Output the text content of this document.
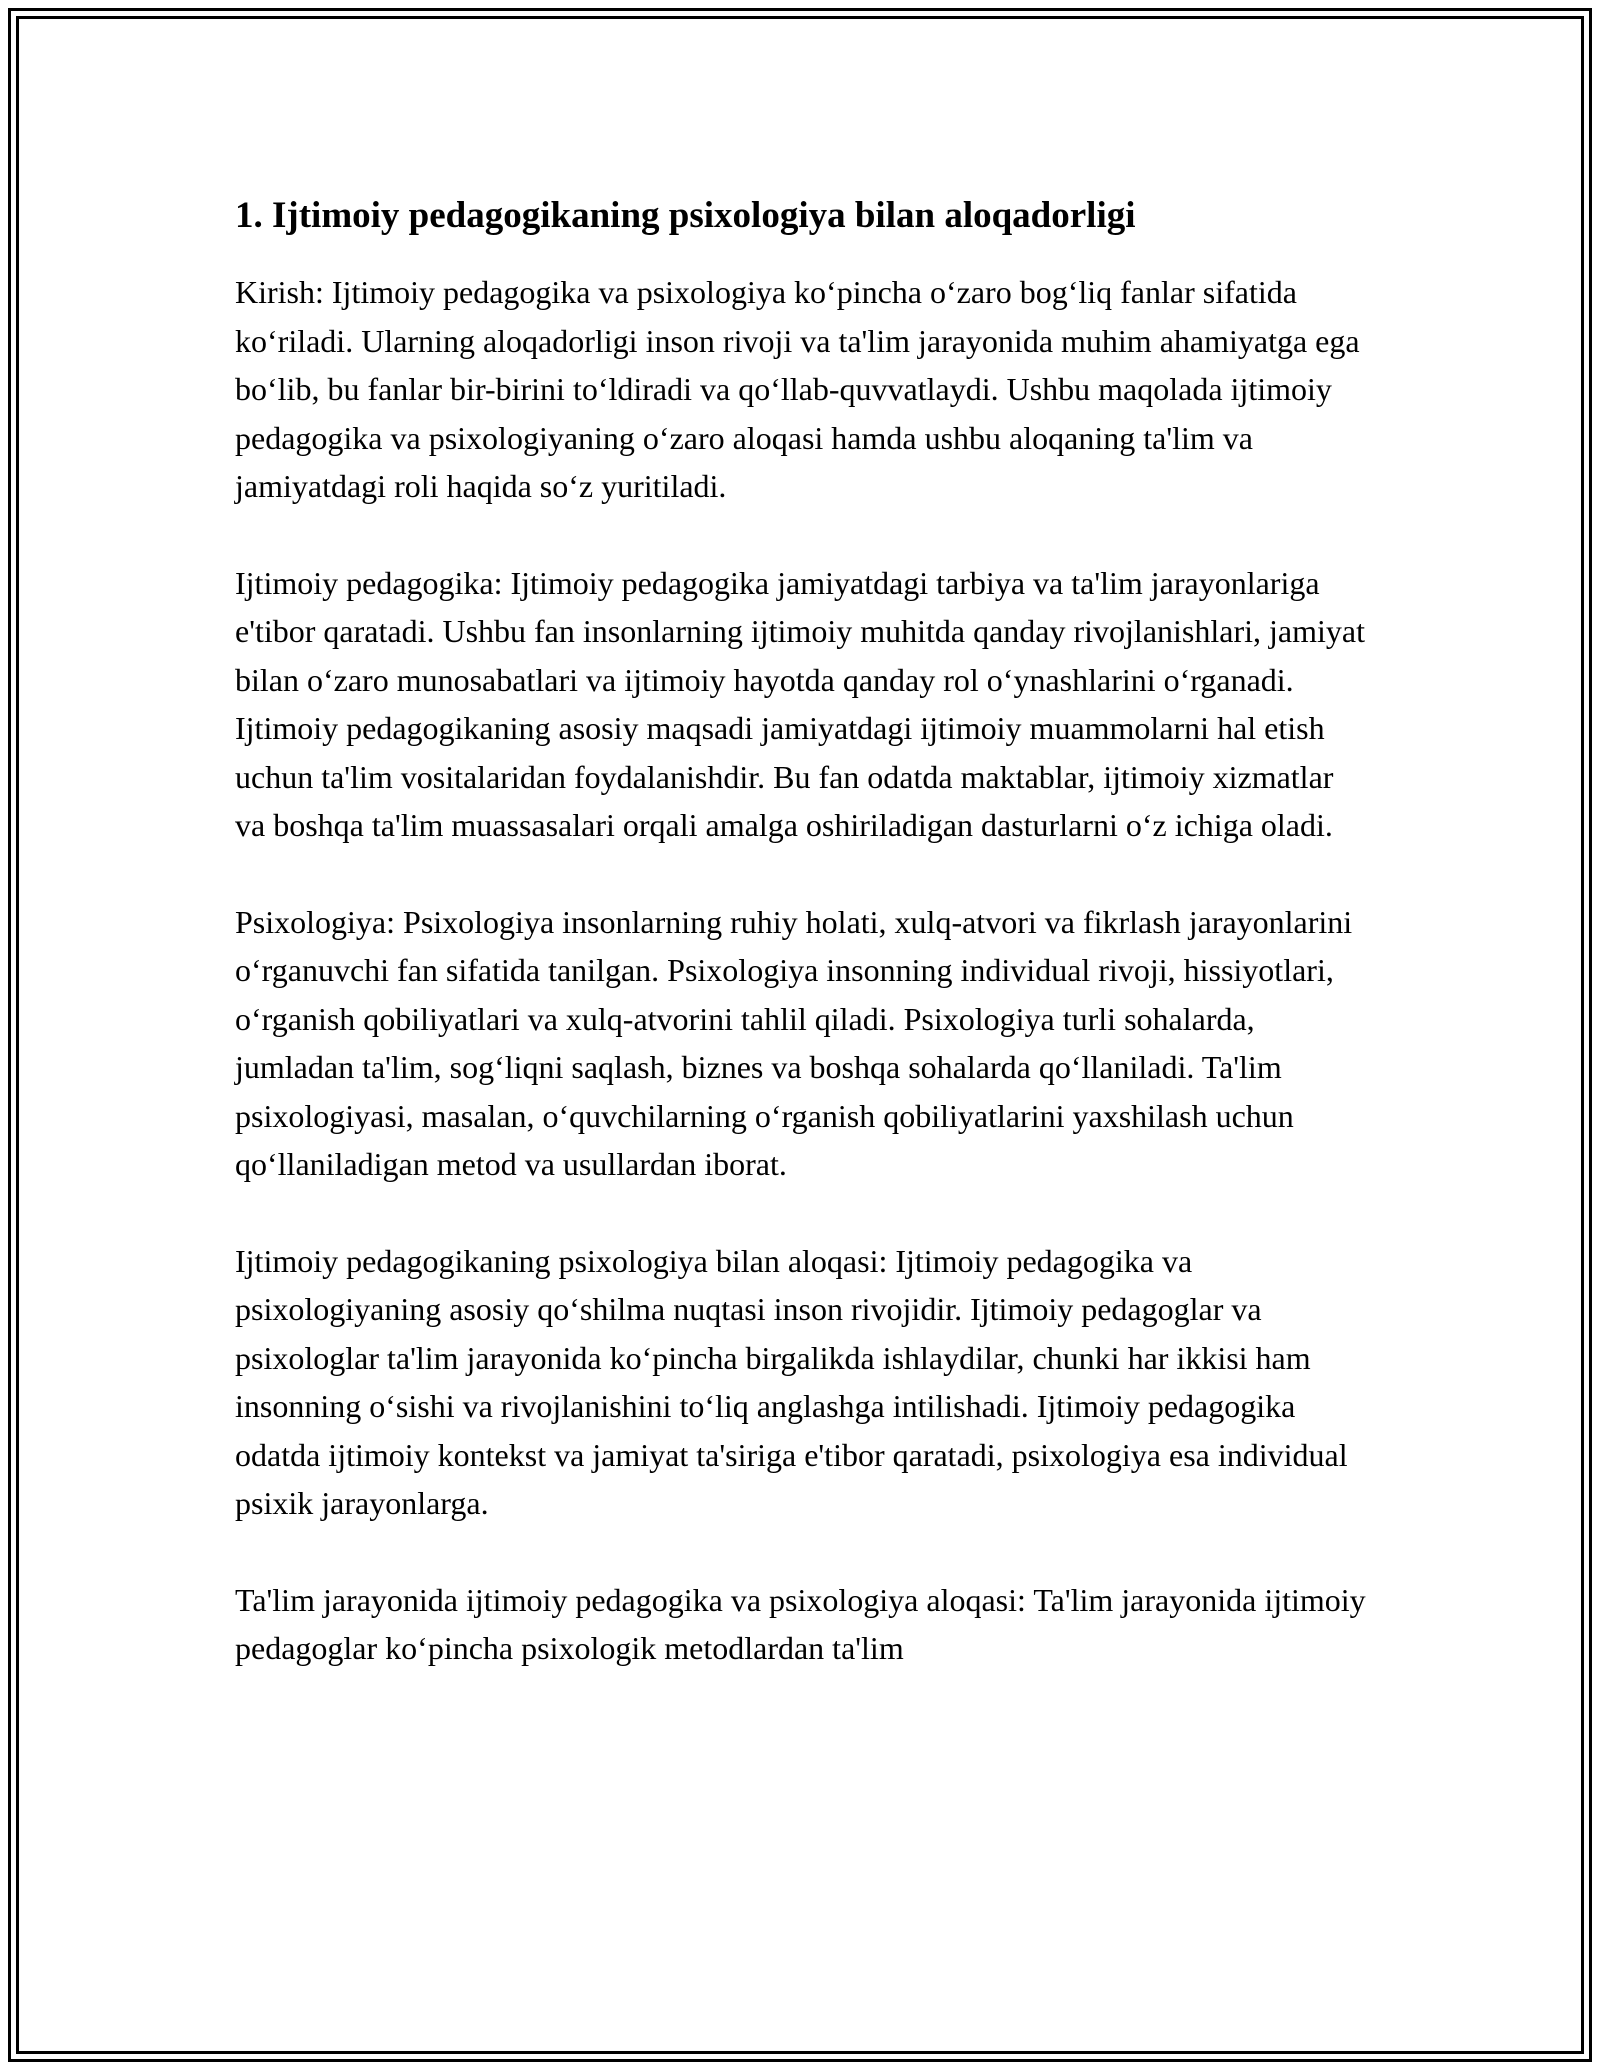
1. Ijtimoiy pedagogikaning psixologiya bilan aloqadorligi

Kirish: Ijtimoiy pedagogika va psixologiya ko‘pincha o‘zaro bog‘liq fanlar sifatida ko‘riladi. Ularning aloqadorligi inson rivoji va ta'lim jarayonida muhim ahamiyatga ega bo‘lib, bu fanlar bir-birini to‘ldiradi va qo‘llab-quvvatlaydi. Ushbu maqolada ijtimoiy pedagogika va psixologiyaning o‘zaro aloqasi hamda ushbu aloqaning ta'lim va jamiyatdagi roli haqida so‘z yuritiladi.

Ijtimoiy pedagogika: Ijtimoiy pedagogika jamiyatdagi tarbiya va ta'lim jarayonlariga e'tibor qaratadi. Ushbu fan insonlarning ijtimoiy muhitda qanday rivojlanishlari, jamiyat bilan o‘zaro munosabatlari va ijtimoiy hayotda qanday rol o‘ynashlarini o‘rganadi. Ijtimoiy pedagogikaning asosiy maqsadi jamiyatdagi ijtimoiy muammolarni hal etish uchun ta'lim vositalaridan foydalanishdir. Bu fan odatda maktablar, ijtimoiy xizmatlar va boshqa ta'lim muassasalari orqali amalga oshiriladigan dasturlarni o‘z ichiga oladi.

Psixologiya: Psixologiya insonlarning ruhiy holati, xulq-atvori va fikrlash jarayonlarini o‘rganuvchi fan sifatida tanilgan. Psixologiya insonning individual rivoji, hissiyotlari, o‘rganish qobiliyatlari va xulq-atvorini tahlil qiladi. Psixologiya turli sohalarda, jumladan ta'lim, sog‘liqni saqlash, biznes va boshqa sohalarda qo‘llaniladi. Ta'lim psixologiyasi, masalan, o‘quvchilarning o‘rganish qobiliyatlarini yaxshilash uchun qo‘llaniladigan metod va usullardan iborat.

Ijtimoiy pedagogikaning psixologiya bilan aloqasi: Ijtimoiy pedagogika va psixologiyaning asosiy qo‘shilma nuqtasi inson rivojidir. Ijtimoiy pedagoglar va psixologlar ta'lim jarayonida ko‘pincha birgalikda ishlaydilar, chunki har ikkisi ham insonning o‘sishi va rivojlanishini to‘liq anglashga intilishadi. Ijtimoiy pedagogika odatda ijtimoiy kontekst va jamiyat ta'siriga e'tibor qaratadi, psixologiya esa individual psixik jarayonlarga.

Ta'lim jarayonida ijtimoiy pedagogika va psixologiya aloqasi: Ta'lim jarayonida ijtimoiy pedagoglar ko‘pincha psixologik metodlardan ta'lim
